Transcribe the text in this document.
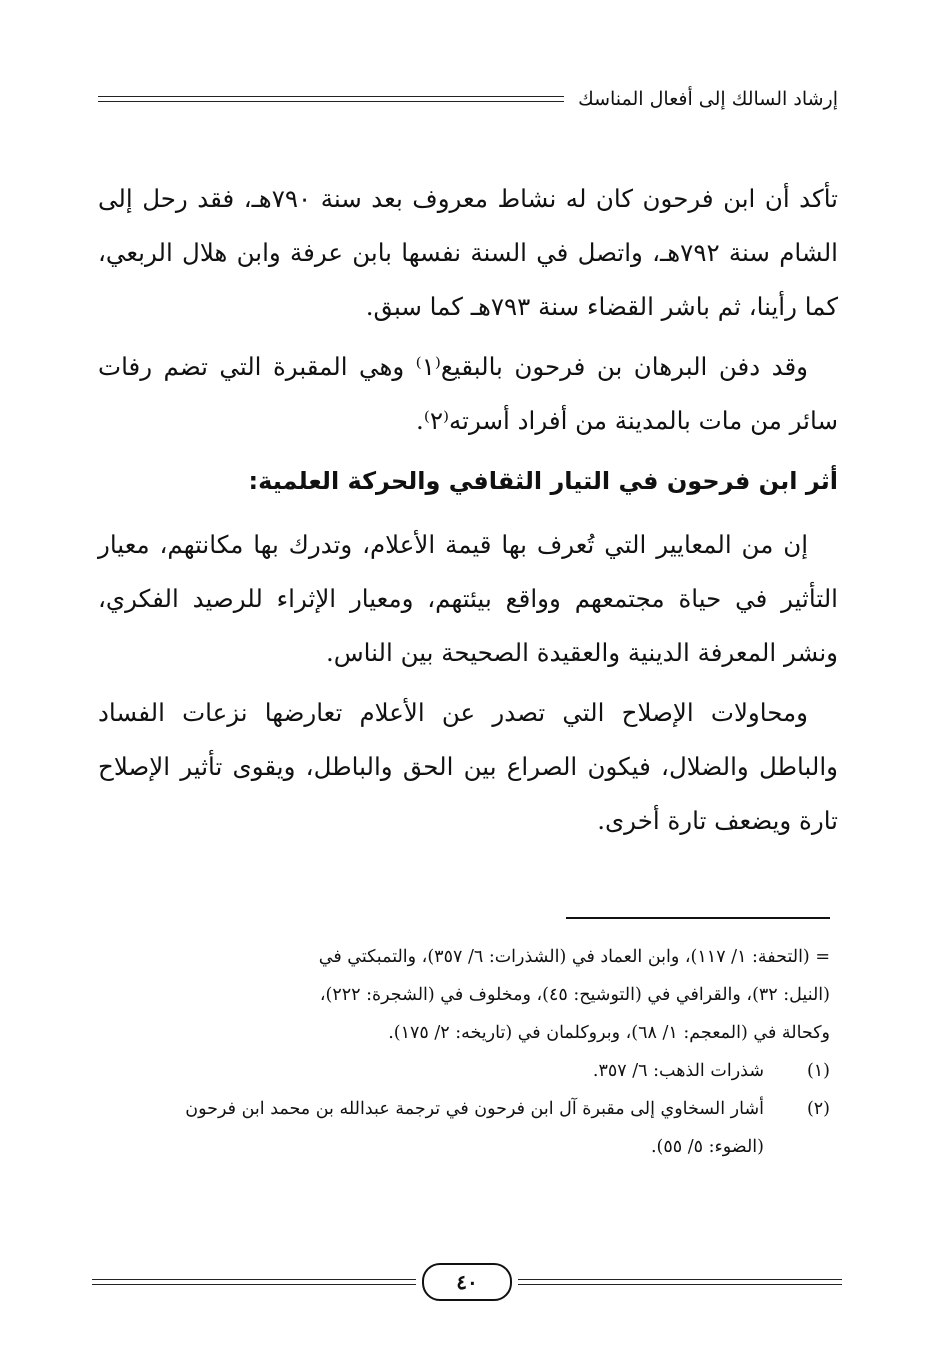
إرشاد السالك إلى أفعال المناسك

تأكد أن ابن فرحون كان له نشاط معروف بعد سنة ٧٩٠هـ، فقد رحل إلى الشام سنة ٧٩٢هـ، واتصل في السنة نفسها بابن عرفة وابن هلال الربعي، كما رأينا، ثم باشر القضاء سنة ٧٩٣هـ كما سبق.

وقد دفن البرهان بن فرحون بالبقيع⁽١⁾ وهي المقبرة التي تضم رفات سائر من مات بالمدينة من أفراد أسرته⁽٢⁾.

أثر ابن فرحون في التيار الثقافي والحركة العلمية:

إن من المعايير التي تُعرف بها قيمة الأعلام، وتدرك بها مكانتهم، معيار التأثير في حياة مجتمعهم وواقع بيئتهم، ومعيار الإثراء للرصيد الفكري، ونشر المعرفة الدينية والعقيدة الصحيحة بين الناس.

ومحاولات الإصلاح التي تصدر عن الأعلام تعارضها نزعات الفساد والباطل والضلال، فيكون الصراع بين الحق والباطل، ويقوى تأثير الإصلاح تارة ويضعف تارة أخرى.

= (التحفة: ١/ ١١٧)، وابن العماد في (الشذرات: ٦/ ٣٥٧)، والتمبكتي في
(النيل: ٣٢)، والقرافي في (التوشيح: ٤٥)، ومخلوف في (الشجرة: ٢٢٢)،
وكحالة في (المعجم: ١/ ٦٨)، وبروكلمان في (تاريخه: ٢/ ١٧٥).
(١)
شذرات الذهب: ٦/ ٣٥٧.
(٢)
أشار السخاوي إلى مقبرة آل ابن فرحون في ترجمة عبدالله بن محمد ابن فرحون
(الضوء: ٥/ ٥٥).
٤٠
